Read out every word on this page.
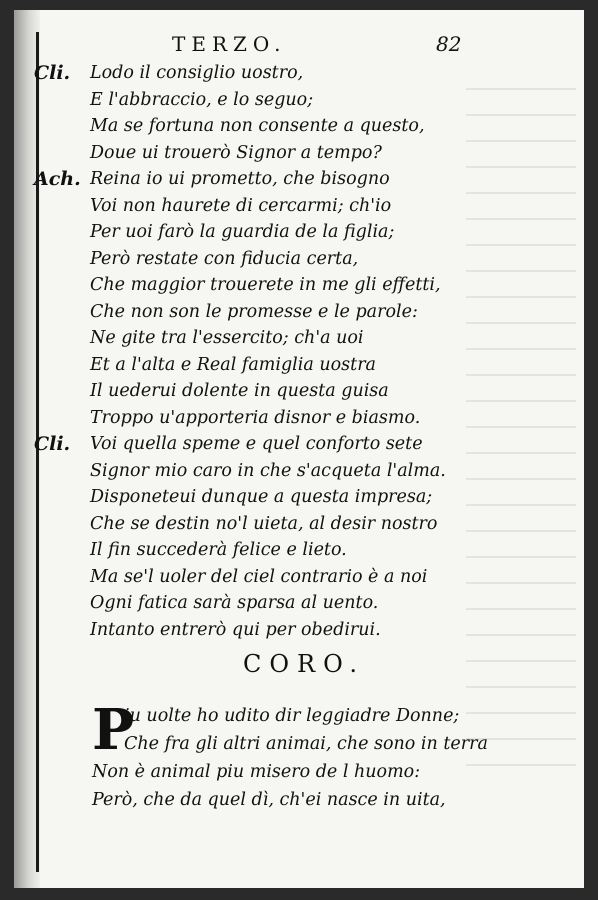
TERZO.	82
Cli. Lodo il consiglio uostro,
E l'abbraccio, e lo seguo;
Ma se fortuna non consente a questo,
Doue ui trouerò Signor a tempo?
Ach. Reina io ui prometto, che bisogno
Voi non haurete di cercarmi; ch'io
Per uoi farò la guardia de la figlia;
Però restate con fiducia certa,
Che maggior trouerete in me gli effetti,
Che non son le promesse e le parole:
Ne gite tra l'essercito; ch'a uoi
Et a l'alta e Real famiglia uostra
Il uederui dolente in questa guisa
Troppo u'apporteria disnor e biasmo.
Cli. Voi quella speme e quel conforto sete
Signor mio caro in che s'acqueta l'alma.
Disponeteui dunque a questa impresa;
Che se destin no'l uieta, al desir nostro
Il fin succederà felice e lieto.
Ma se'l uoler del ciel contrario è a noi
Ogni fatica sarà sparsa al uento.
Intanto entrerò qui per obedirui.
CORO.
P
iu uolte ho udito dir leggiadre Donne;
Che fra gli altri animai, che sono in terra
Non è animal piu misero de l huomo:
Però, che da quel dì, ch'ei nasce in uita,
